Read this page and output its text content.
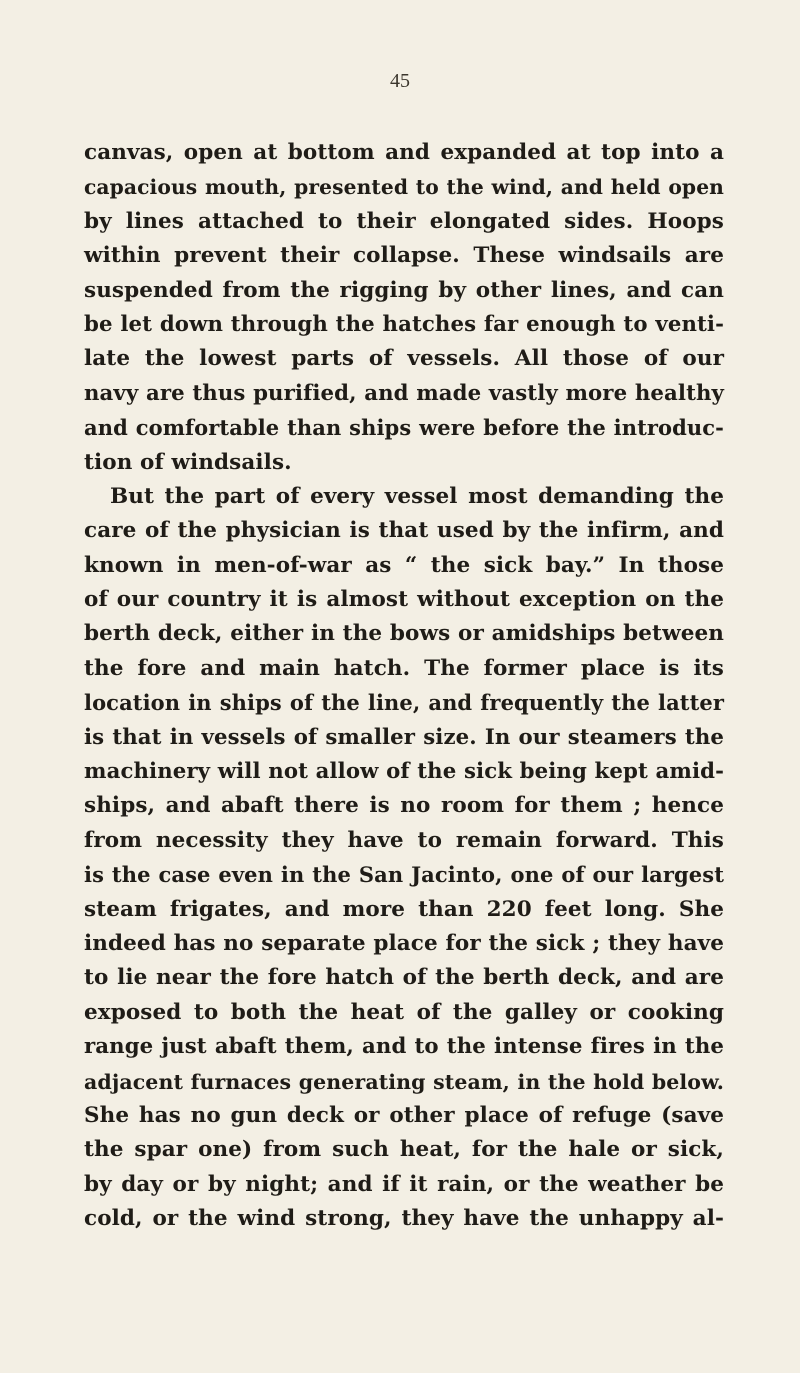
45
canvas, open at bottom and expanded at top into a
capacious mouth, presented to the wind, and held open
by lines attached to their elongated sides. Hoops
within prevent their collapse. These windsails are
suspended from the rigging by other lines, and can
be let down through the hatches far enough to venti-
late the lowest parts of vessels. All those of our
navy are thus purified, and made vastly more healthy
and comfortable than ships were before the introduc-
tion of windsails.
But the part of every vessel most demanding the
care of the physician is that used by the infirm, and
known in men-of-war as “ the sick bay.” In those
of our country it is almost without exception on the
berth deck, either in the bows or amidships between
the fore and main hatch. The former place is its
location in ships of the line, and frequently the latter
is that in vessels of smaller size. In our steamers the
machinery will not allow of the sick being kept amid-
ships, and abaft there is no room for them ; hence
from necessity they have to remain forward. This
is the case even in the San Jacinto, one of our largest
steam frigates, and more than 220 feet long. She
indeed has no separate place for the sick ; they have
to lie near the fore hatch of the berth deck, and are
exposed to both the heat of the galley or cooking
range just abaft them, and to the intense fires in the
adjacent furnaces generating steam, in the hold below.
She has no gun deck or other place of refuge (save
the spar one) from such heat, for the hale or sick,
by day or by night; and if it rain, or the weather be
cold, or the wind strong, they have the unhappy al-
